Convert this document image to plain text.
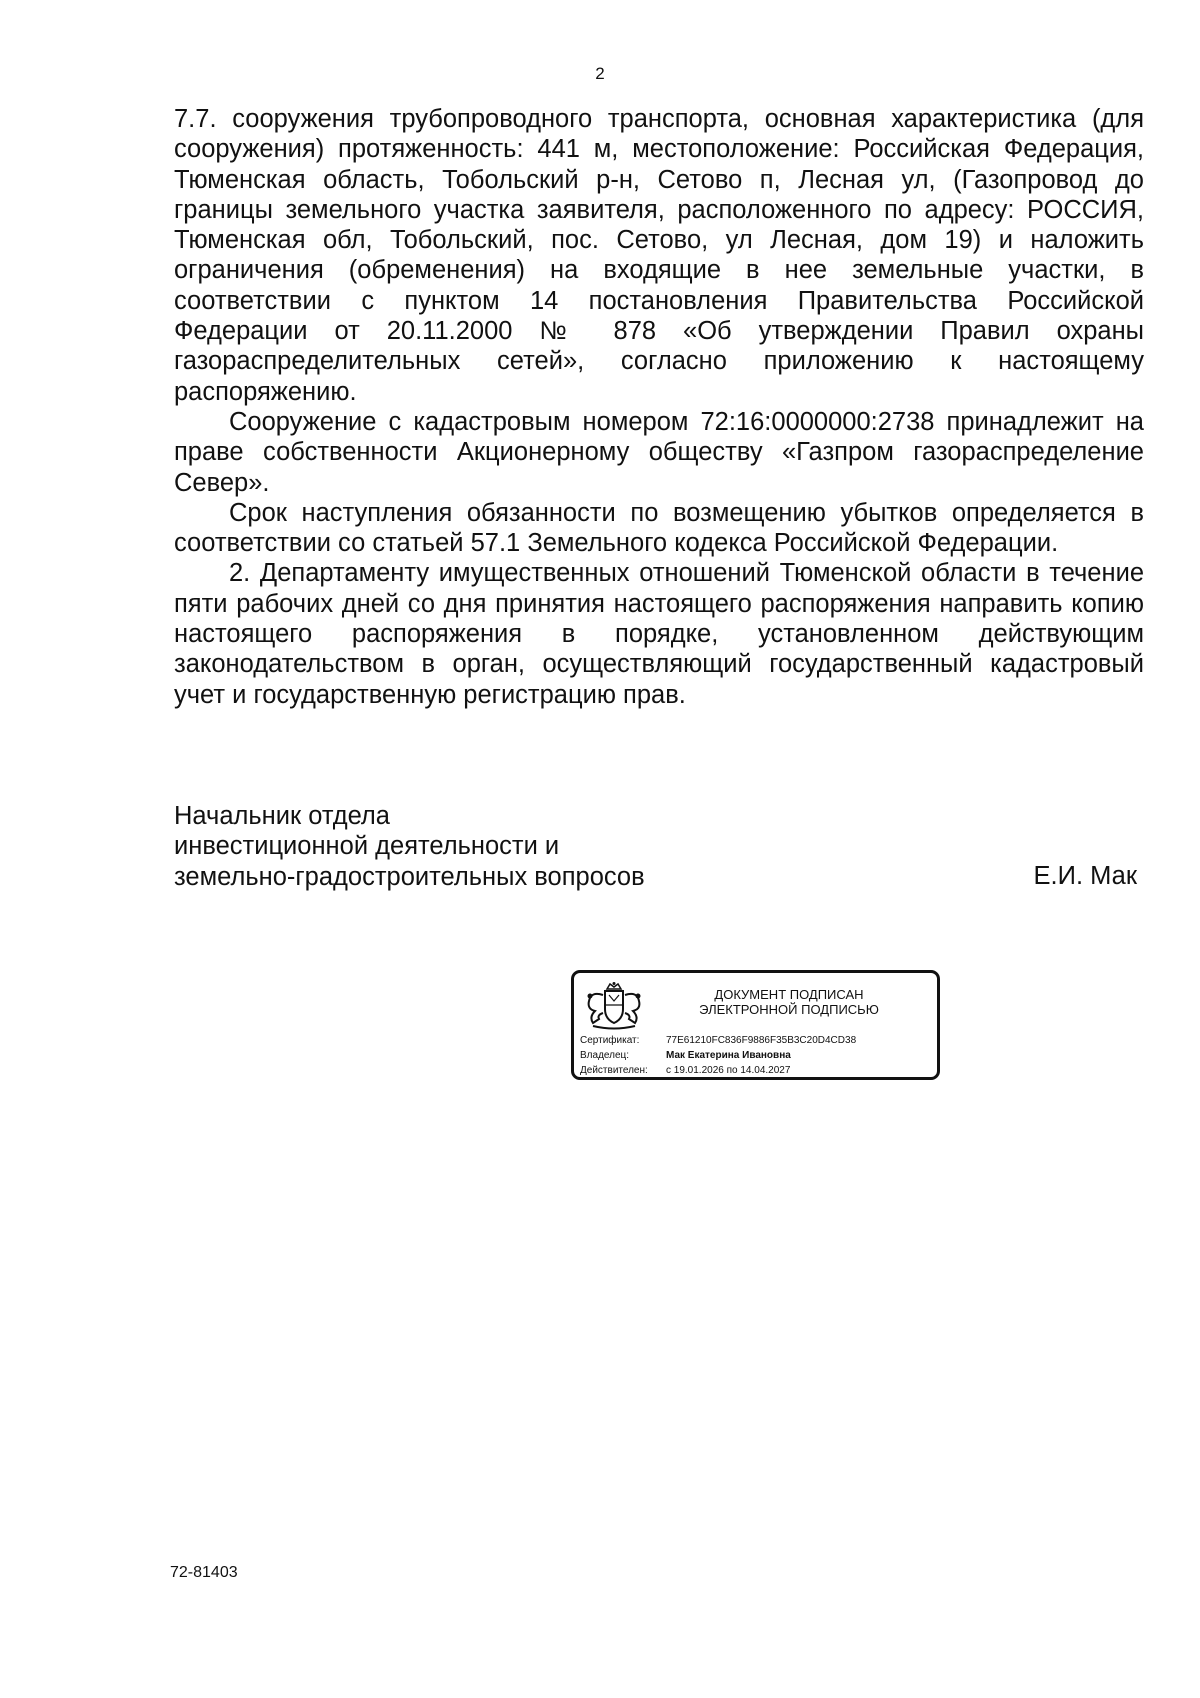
2

7.7. сооружения трубопроводного транспорта, основная характеристика (для сооружения) протяженность: 441 м, местоположение: Российская Федерация, Тюменская область, Тобольский р-н, Сетово п, Лесная ул, (Газопровод до границы земельного участка заявителя, расположенного по адресу: РОССИЯ, Тюменская обл, Тобольский, пос. Сетово, ул Лесная, дом 19) и наложить ограничения (обременения) на входящие в нее земельные участки, в соответствии с пунктом 14 постановления Правительства Российской Федерации от 20.11.2000 № 878 «Об утверждении Правил охраны газораспределительных сетей», согласно приложению к настоящему распоряжению.

Сооружение с кадастровым номером 72:16:0000000:2738 принадлежит на праве собственности Акционерному обществу «Газпром газораспределение Север».

Срок наступления обязанности по возмещению убытков определяется в соответствии со статьей 57.1 Земельного кодекса Российской Федерации.

2. Департаменту имущественных отношений Тюменской области в течение пяти рабочих дней со дня принятия настоящего распоряжения направить копию настоящего распоряжения в порядке, установленном действующим законодательством в орган, осуществляющий государственный кадастровый учет и государственную регистрацию прав.

Начальник отдела
инвестиционной деятельности и
земельно-градостроительных вопросов	Е.И. Мак
ДОКУМЕНТ ПОДПИСАН
ЭЛЕКТРОННОЙ ПОДПИСЬЮ
Сертификат:	77E61210FC836F9886F35B3C20D4CD38
Владелец:	Мак Екатерина Ивановна
Действителен:	с 19.01.2026 по 14.04.2027
72-81403
